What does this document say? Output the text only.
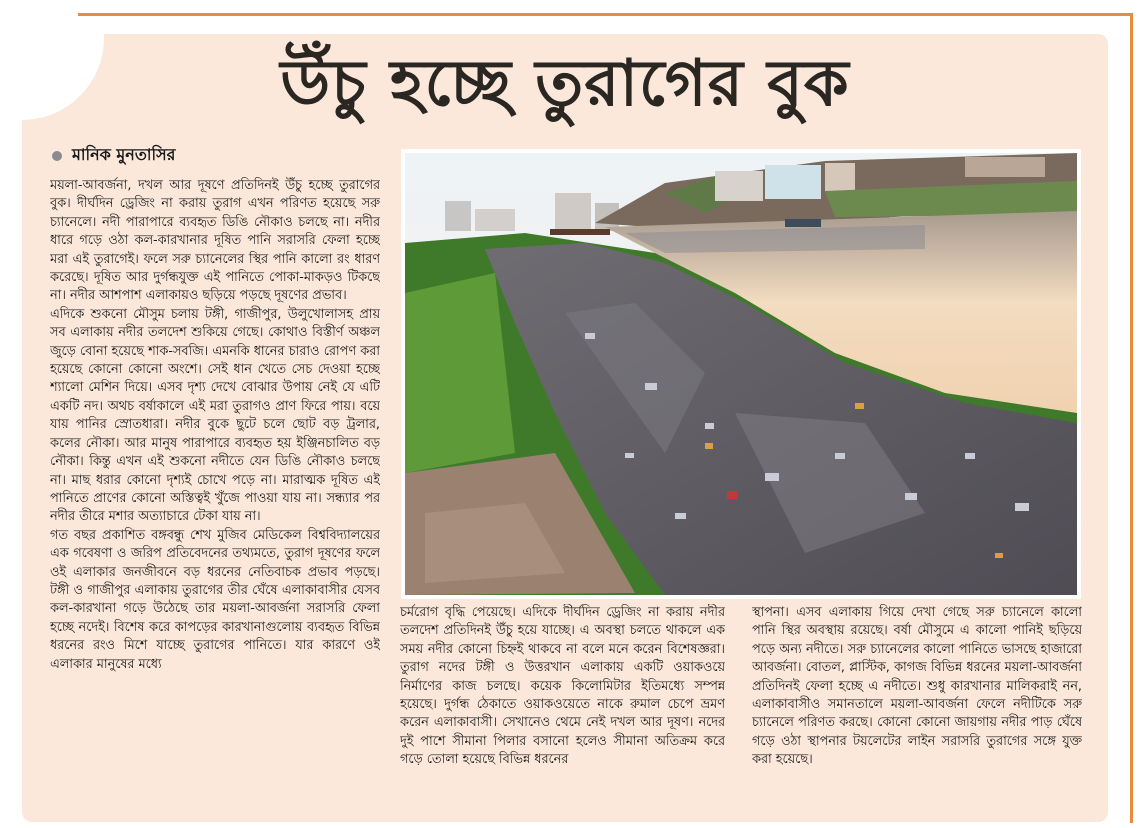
উঁচু হচ্ছে তুরাগের বুক
মানিক মুনতাসির

ময়লা-আবর্জনা, দখল আর দূষণে প্রতিদিনই উঁচু হচ্ছে তুরাগের বুক। দীর্ঘদিন ড্রেজিং না করায় তুরাগ এখন পরিণত হয়েছে সরু চ্যানেলে। নদী পারাপারে ব্যবহৃত ডিঙি নৌকাও চলছে না। নদীর ধারে গড়ে ওঠা কল-কারখানার দূষিত পানি সরাসরি ফেলা হচ্ছে মরা এই তুরাগেই। ফলে সরু চ্যানেলের স্থির পানি কালো রং ধারণ করেছে। দূষিত আর দুর্গন্ধযুক্ত এই পানিতে পোকা-মাকড়ও টিকছে না। নদীর আশপাশ এলাকায়ও ছড়িয়ে পড়ছে দূষণের প্রভাব।

এদিকে শুকনো মৌসুম চলায় টঙ্গী, গাজীপুর, উলুখোলাসহ প্রায় সব এলাকায় নদীর তলদেশ শুকিয়ে গেছে। কোথাও বিস্তীর্ণ অঞ্চল জুড়ে বোনা হয়েছে শাক-সবজি। এমনকি ধানের চারাও রোপণ করা হয়েছে কোনো কোনো অংশে। সেই ধান খেতে সেচ দেওয়া হচ্ছে শ্যালো মেশিন দিয়ে। এসব দৃশ্য দেখে বোঝার উপায় নেই যে এটি একটি নদ। অথচ বর্ষাকালে এই মরা তুরাগও প্রাণ ফিরে পায়। বয়ে যায় পানির স্রোতধারা। নদীর বুকে ছুটে চলে ছোট বড় ট্রলার, কলের নৌকা। আর মানুষ পারাপারে ব্যবহৃত হয় ইঞ্জিনচালিত বড় নৌকা। কিন্তু এখন এই শুকনো নদীতে যেন ডিঙি নৌকাও চলছে না। মাছ ধরার কোনো দৃশ্যই চোখে পড়ে না। মারাত্মক দূষিত এই পানিতে প্রাণের কোনো অস্তিত্বই খুঁজে পাওয়া যায় না। সন্ধ্যার পর নদীর তীরে মশার অত্যাচারে টেকা যায় না।

গত বছর প্রকাশিত বঙ্গবন্ধু শেখ মুজিব মেডিকেল বিশ্ববিদ্যালয়ের এক গবেষণা ও জরিপ প্রতিবেদনের তথ্যমতে, তুরাগ দূষণের ফলে ওই এলাকার জনজীবনে বড় ধরনের নেতিবাচক প্রভাব পড়ছে। টঙ্গী ও গাজীপুর এলাকায় তুরাগের তীর ঘেঁষে এলাকাবাসীর যেসব কল-কারখানা গড়ে উঠেছে তার ময়লা-আবর্জনা সরাসরি ফেলা হচ্ছে নদেই। বিশেষ করে কাপড়ের কারখানাগুলোয় ব্যবহৃত বিভিন্ন ধরনের রংও মিশে যাচ্ছে তুরাগের পানিতে। যার কারণে ওই এলাকার মানুষের মধ্যে

চর্মরোগ বৃদ্ধি পেয়েছে। এদিকে দীর্ঘদিন ড্রেজিং না করায় নদীর তলদেশ প্রতিদিনই উঁচু হয়ে যাচ্ছে। এ অবস্থা চলতে থাকলে এক সময় নদীর কোনো চিহ্নই থাকবে না বলে মনে করেন বিশেষজ্ঞরা। তুরাগ নদের টঙ্গী ও উত্তরখান এলাকায় একটি ওয়াকওয়ে নির্মাণের কাজ চলছে। কয়েক কিলোমিটার ইতিমধ্যে সম্পন্ন হয়েছে। দুর্গন্ধ ঠেকাতে ওয়াকওয়েতে নাকে রুমাল চেপে ভ্রমণ করেন এলাকাবাসী। সেখানেও থেমে নেই দখল আর দূষণ। নদের দুই পাশে সীমানা পিলার বসানো হলেও সীমানা অতিক্রম করে গড়ে তোলা হয়েছে বিভিন্ন ধরনের

স্থাপনা। এসব এলাকায় গিয়ে দেখা গেছে সরু চ্যানেলে কালো পানি স্থির অবস্থায় রয়েছে। বর্ষা মৌসুমে এ কালো পানিই ছড়িয়ে পড়ে অন্য নদীতে। সরু চ্যানেলের কালো পানিতে ভাসছে হাজারো আবর্জনা। বোতল, প্লাস্টিক, কাগজ বিভিন্ন ধরনের ময়লা-আবর্জনা প্রতিদিনই ফেলা হচ্ছে এ নদীতে। শুধু কারখানার মালিকরাই নন, এলাকাবাসীও সমানতালে ময়লা-আবর্জনা ফেলে নদীটিকে সরু চ্যানেলে পরিণত করছে। কোনো কোনো জায়গায় নদীর পাড় ঘেঁষে গড়ে ওঠা স্থাপনার টয়লেটের লাইন সরাসরি তুরাগের সঙ্গে যুক্ত করা হয়েছে।
